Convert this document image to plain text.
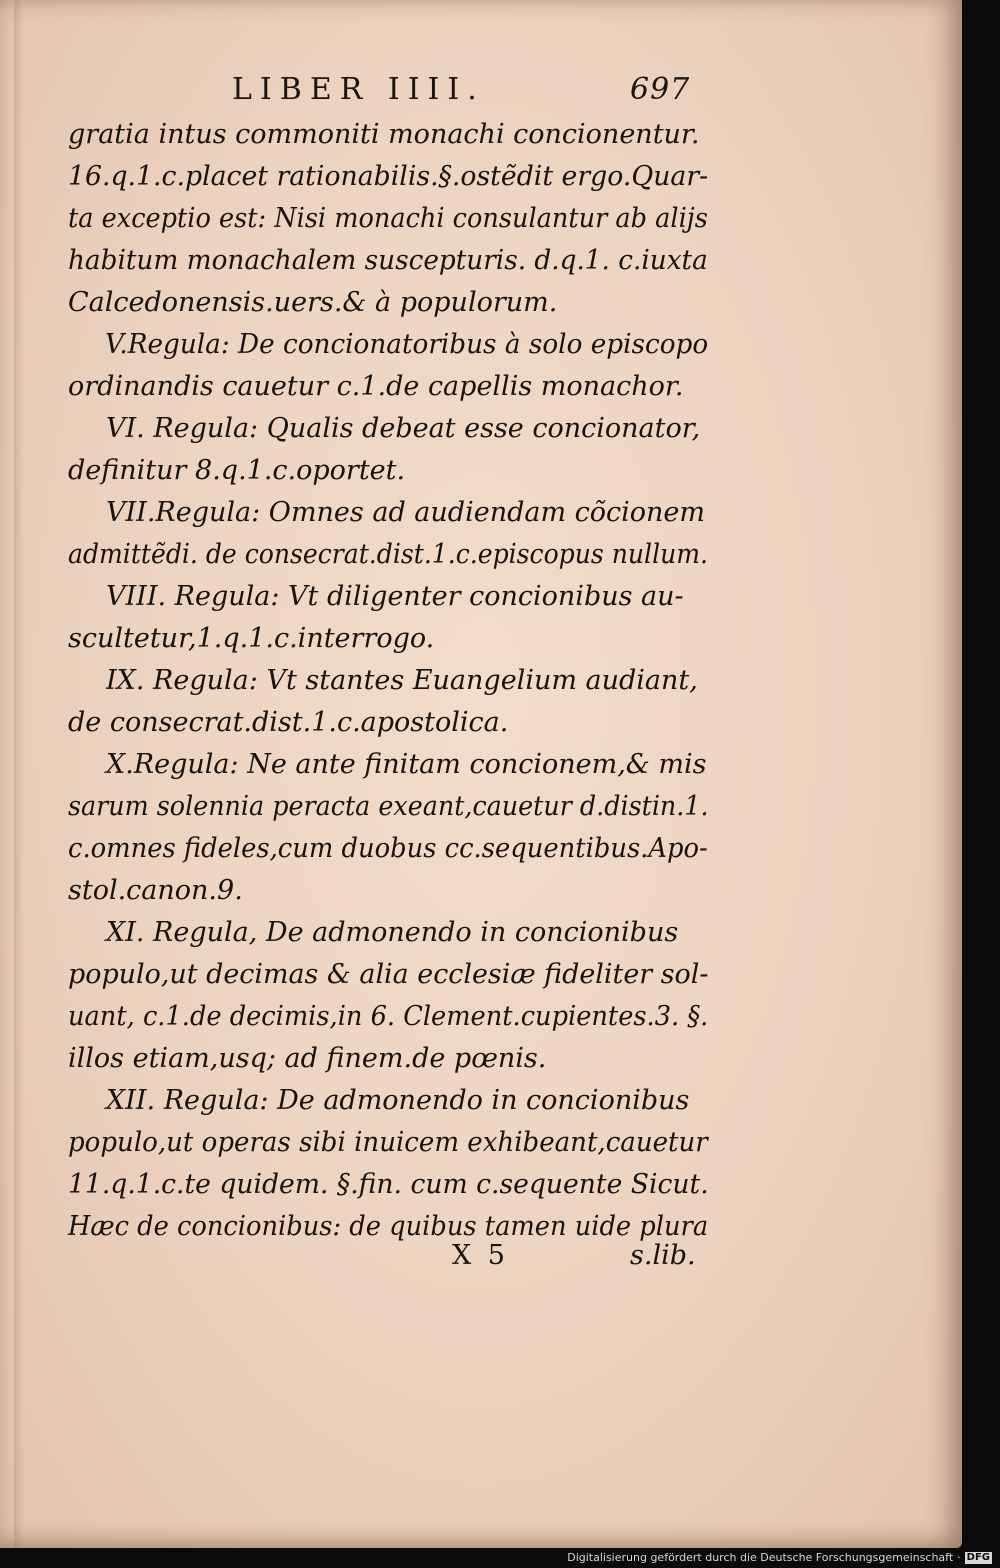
LIBER IIII.	697
gratia intus commoniti monachi concionentur.
16.q.1.c.placet rationabilis.§.ostẽdit ergo.Quar-
ta exceptio est: Nisi monachi consulantur ab alijs
habitum monachalem suscepturis. d.q.1. c.iuxta
Calcedonensis.uers.& à populorum.
V.Regula: De concionatoribus à solo episcopo
ordinandis cauetur c.1.de capellis monachor.
VI. Regula: Qualis debeat esse concionator,
definitur 8.q.1.c.oportet.
VII.Regula: Omnes ad audiendam cõcionem
admittẽdi. de consecrat.dist.1.c.episcopus nullum.
VIII. Regula: Vt diligenter concionibus au-
scultetur,1.q.1.c.interrogo.
IX. Regula: Vt stantes Euangelium audiant,
de consecrat.dist.1.c.apostolica.
X.Regula: Ne ante finitam concionem,& mis
sarum solennia peracta exeant,cauetur d.distin.1.
c.omnes fideles,cum duobus cc.sequentibus.Apo-
stol.canon.9.
XI. Regula, De admonendo in concionibus
populo,ut decimas & alia ecclesiæ fideliter sol-
uant, c.1.de decimis,in 6. Clement.cupientes.3. §.
illos etiam,usq; ad finem.de pœnis.
XII. Regula: De admonendo in concionibus
populo,ut operas sibi inuicem exhibeant,cauetur
11.q.1.c.te quidem. §.fin. cum c.sequente Sicut.
Hæc de concionibus: de quibus tamen uide plura
X 5	s.lib.
Digitalisierung gefördert durch die Deutsche Forschungsgemeinschaft · DFG
